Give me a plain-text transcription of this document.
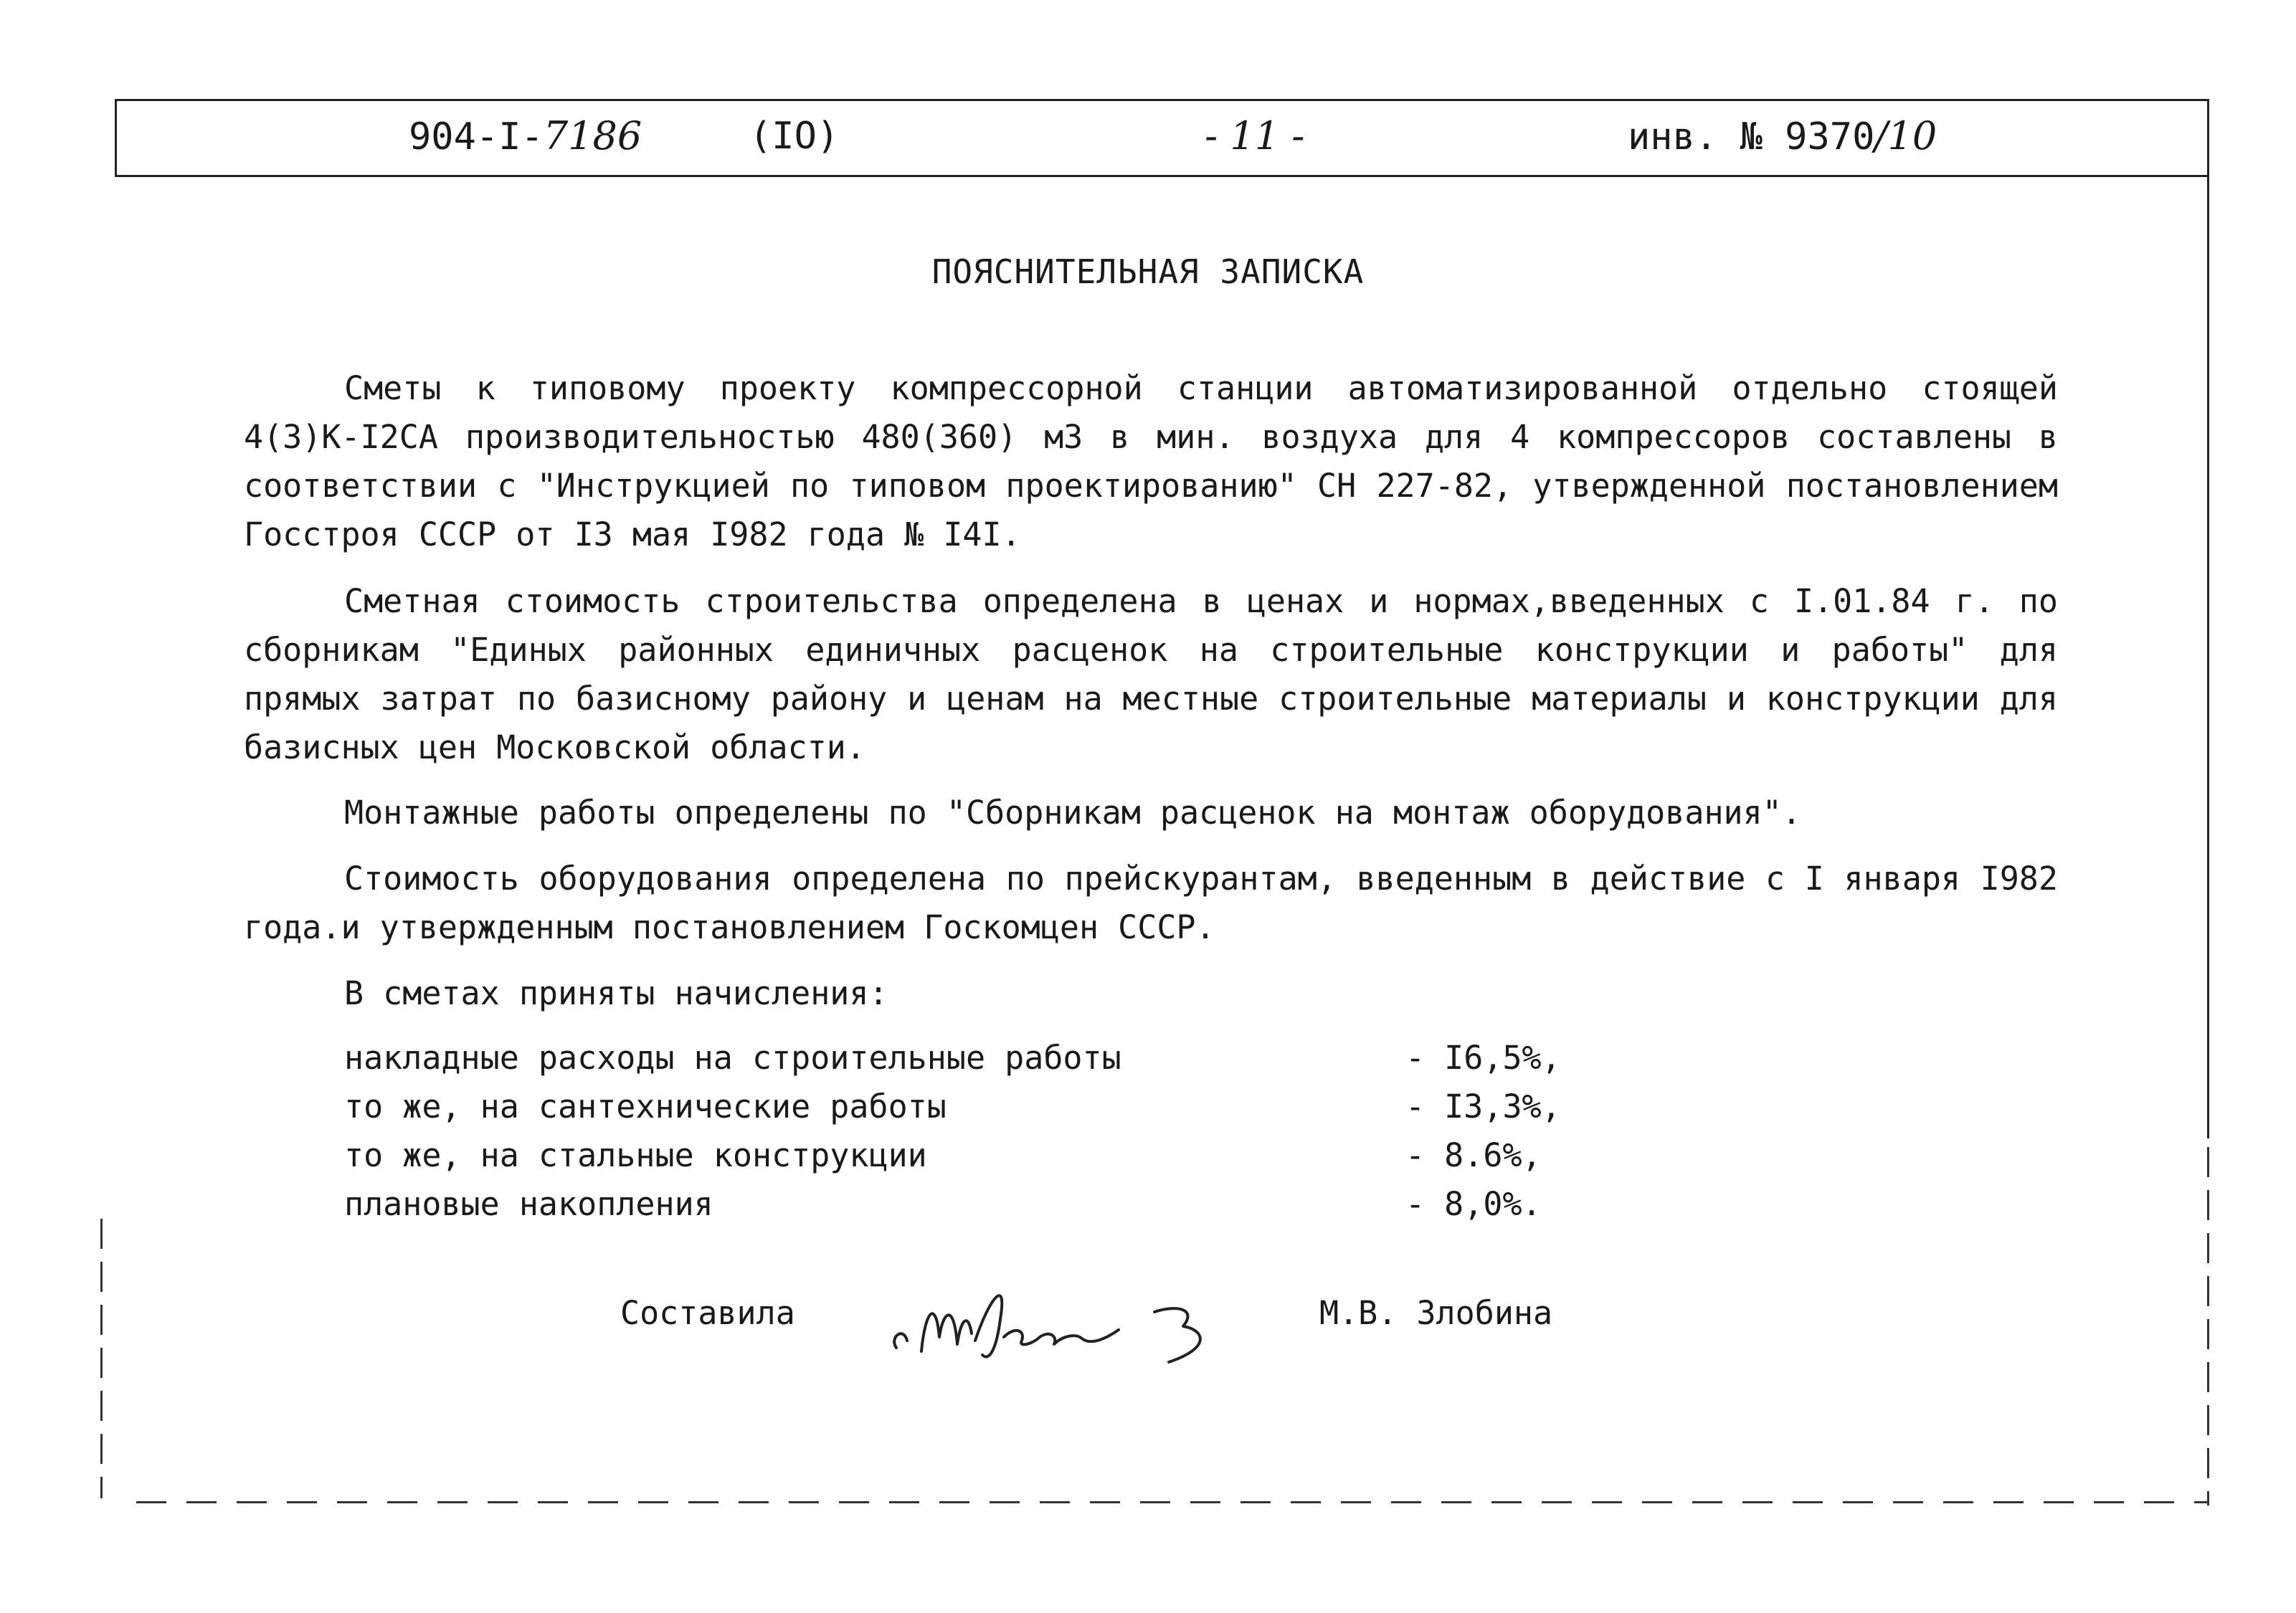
904-I-7186	(IO)	- 11 -	инв. № 9370/10
ПОЯСНИТЕЛЬНАЯ ЗАПИСКА
Сметы к типовому проекту компрессорной станции автоматизированной отдельно стоящей 4(3)К-I2СА производительностью 480(360) м3 в мин. воздуха для 4 компрессоров составлены в соответствии с "Инструкцией по типовом проектированию" СН 227-82, утвержденной постановлением Госстроя СССР от I3 мая I982 года № I4I.
Сметная стоимость строительства определена в ценах и нормах,введенных с I.01.84 г. по сборникам "Единых районных единичных расценок на строительные конструкции и работы" для прямых затрат по базисному району и ценам на местные строительные материалы и конструкции для базисных цен Московской области.
Монтажные работы определены по "Сборникам расценок на монтаж оборудования".
Стоимость оборудования определена по прейскурантам, введенным в действие с I января I982 года.и утвержденным постановлением Госкомцен СССР.
В сметах приняты начисления:
накладные расходы на строительные работы	- I6,5%,
то же, на сантехнические работы	- I3,3%,
то же, на стальные конструкции	- 8.6%,
плановые накопления	- 8,0%.
Составила	М.В. Злобина
